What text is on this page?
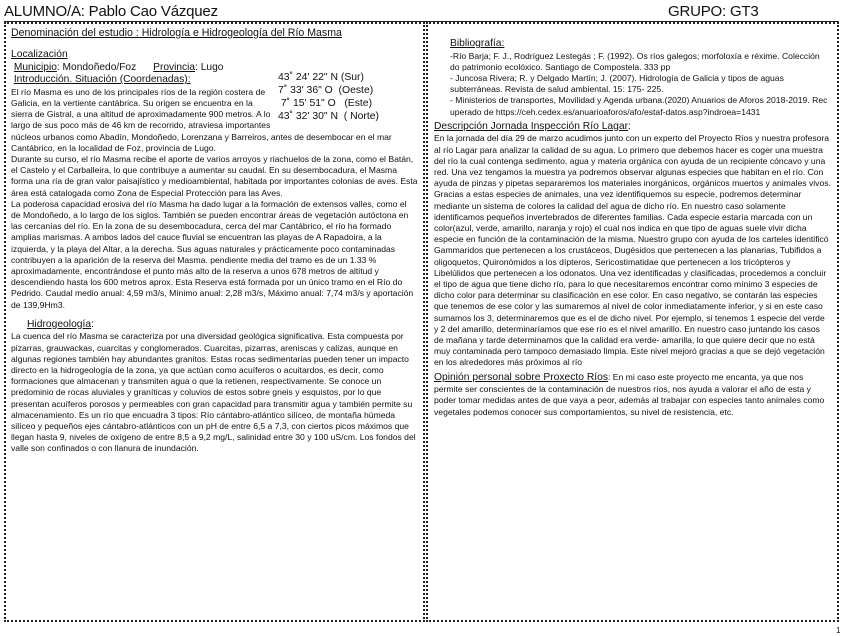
ALUMNO/A: Pablo Cao Vázquez	GRUPO: GT3

Denominación del estudio : Hidrología e Hidrogeología del Río Masma

Localización

43˚ 24' 22" N (Sur)
7˚ 33' 36" O  (Oeste)
7˚ 15' 51" O   (Este)
43˚ 32' 30" N  ( Norte)
Municipio: Mondoñedo/Foz Provincia: Lugo
Introducción. Situación (Coordenadas):

El río Masma es uno de los principales ríos de la región costera de Galicia, en la vertiente cantábrica. Su origen se encuentra en la sierra de Gistral, a una altitud de aproximadamente 900 metros. A lo largo de sus poco más de 46 km de recorrido, atraviesa importantes núcleos urbanos como Abadín, Mondoñedo, Lorenzana y Barreiros, antes de desembocar en el mar Cantábrico, en la localidad de Foz, provincia de Lugo.

Durante su curso, el río Masma recibe el aporte de varios arroyos y riachuelos de la zona, como el Batán, el Castelo y el Carballeira, lo que contribuye a aumentar su caudal. En su desembocadura, el Masma forma una ría de gran valor paisajístico y medioambiental, habitada por importantes colonias de aves. Esta área está catalogada como Zona de Especial Protección para las Aves.

La poderosa capacidad erosiva del río Masma ha dado lugar a la formación de extensos valles, como el de Mondoñedo, a lo largo de los siglos. También se pueden encontrar áreas de vegetación autóctona en las cercanías del río. En la zona de su desembocadura, cerca del mar Cantábrico, el río ha formado amplias marismas. A ambos lados del cauce fluvial se encuentran las playas de A Rapadoira, a la izquierda, y la playa del Altar, a la derecha. Sus aguas naturales y prácticamente poco contaminadas contribuyen a la aparición de la reserva del Masma. pendiente media del tramo es de un 1.33 % aproximadamente, encontrándose el punto más alto de la reserva a unos 678 metros de altitud y descendiendo hasta los 600 metros aprox. Esta Reserva está formada por un único tramo en el Río do Pedrido. Caudal medio anual: 4,59 m3/s, Mínimo anual: 2,28 m3/s, Máximo anual: 7,74 m3/s y aportación de 139,9Hm3.

Hidrogeología:

La cuenca del río Masma se caracteriza por una diversidad geológica significativa. Esta compuesta por pizarras, grauwackas, cuarcitas y conglomerados. Cuarcitas, pizarras, areniscas y calizas, aunque en algunas regiones también hay abundantes granitos. Estas rocas sedimentarias pueden tener un impacto directo en la hidrogeología de la zona, ya que actúan como acuíferos o acuitardos, es decir, como formaciones que almacenan y transmiten agua o que la retienen, respectivamente. Se conoce un predominio de rocas aluviales y graníticas y coluvios de estos sobre gneis y esquistos, por lo que presentan acuíferos porosos y permeables con gran capacidad para transmitir agua y también permite su almacenamiento. Es un río que encuadra 3 tipos: Río cántabro-atlántico silíceo, de montaña húmeda silíceo y pequeños ejes cántabro-atlánticos con un pH de entre 6,5 a 7,3, con ciertos picos máximos que llegan hasta 9, niveles de oxígeno de entre 8,5 a 9,2 mg/L, salinidad entre 30 y 100 uS/cm. Los fondos del valle son confinados o con llanura de inundación.

Bibliografía:

-Río Barja; F. J., Rodríguez Lestegás ; F. (1992). Os ríos galegos; morfoloxía e réxime. Colección do patrimonio ecolóxico. Santiago de Compostela. 333 pp

- Juncosa Rivera; R. y Delgado Martín; J. (2007). Hidrología de Galicia y tipos de aguas subterráneas. Revista de salud ambiental. 15: 175- 225.

- Ministerios de transportes, Movilidad y Agenda urbana.(2020) Anuarios de Aforos 2018-2019. Recuperado de https://ceh.cedex.es/anuarioaforos/afo/estaf-datos.asp?indroea=1431

Descripción Jornada Inspección Río Lagar:

En la jornada del día 29 de marzo acudimos junto con un experto del Proyecto Ríos y nuestra profesora al río Lagar para analizar la calidad de su agua. Lo primero que debemos hacer es coger una muestra del río la cual contenga sedimento, agua y materia orgánica con ayuda de un recipiente cóncavo y una red. Una vez tengamos la muestra ya podremos observar algunas especies que habitan en el río. Con ayuda de pinzas y pipetas separaremos los materiales inorgánicos, orgánicos muertos y animales vivos. Gracias a estas especies de animales, una vez identifiquemos su especie, podremos determinar mediante un sistema de colores la calidad del agua de dicho río. En nuestro caso solamente identificamos pequeños invertebrados de diferentes familias. Cada especie estaría marcada con un color(azul, verde, amarillo, naranja y rojo) el cual nos indica en que tipo de aguas suele vivir dicha especie en función de la contaminación de la misma. Nuestro grupo con ayuda de los carteles identificó Gammaridos que pertenecen a los crustáceos, Dugésidos que pertenecen a las planarias, Tubifidos a oligoquetos, Quironómidos a los dípteros, Sericostimatidae que pertenecen a los tricópteros y Libelúlidos que pertenecen a los odonatos. Una vez identificadas y clasificadas, procedemos a concluir el tipo de agua que tiene dicho río, para lo que necesitaremos encontrar como mínimo 3 especies de dicho color para determinar su clasificación en ese color. En caso negativo, se contarán las especies que tenemos de ese color y las sumaremos al nivel de color inmediatamente inferior, y si en este caso sumamos los 3, determinaremos que es el de dicho nivel. Por ejemplo, si tenemos 1 especie del verde y 2 del amarillo, determinaríamos que ese río es el nivel amarillo. En nuestro caso juntando los casos de mañana y tarde determinamos que la calidad era verde- amarilla, lo que quiere decir que no está muy contaminada pero tampoco demasiado limpia. Este nivel mejoró gracias a que se dejó vegetación en los alrededores más próximos al río

Opinión personal sobre Proxecto Ríos: En mi caso este proyecto me encanta, ya que nos permite ser conscientes de la contaminación de nuestros ríos, nos ayuda a valorar el año de esta y poder tomar medidas antes de que vaya a peor, además al trabajar con especies tanto animales como vegetales podemos conocer sus comportamientos, su nivel de resistencia, etc.

1
